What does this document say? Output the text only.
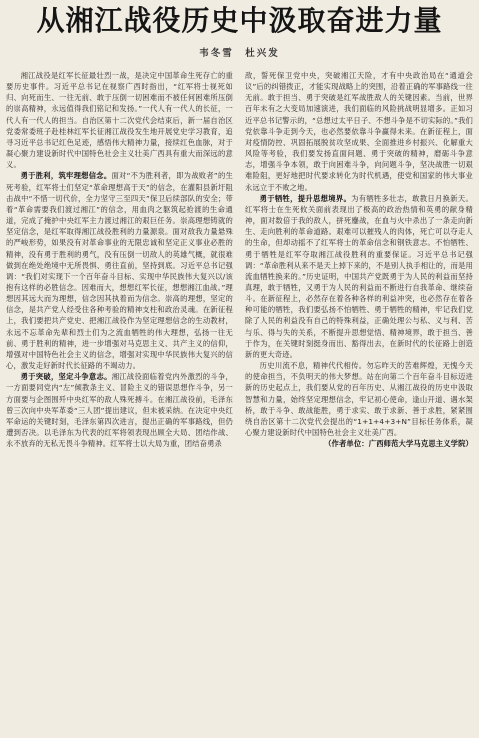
从湘江战役历史中汲取奋进力量
韦冬雪　杜兴发

湘江战役是红军长征最壮烈一战，是决定中国革命生死存亡的重要历史事件。习近平总书记在视察广西时指出，“红军将士视死如归、向死而生、一往无前、敢于压倒一切困难而不被任何困难所压倒的崇高精神，永远值得我们铭记和发扬。”一代人有一代人的长征，一代人有一代人的担当。自治区第十二次党代会结束后，新一届自治区党委常委班子赴桂林红军长征湘江战役发生地开展党史学习教育，追寻习近平总书记红色足迹，感悟伟大精神力量，接续红色血脉，对于凝心聚力建设新时代中国特色社会主义壮美广西具有重大而深远的意义。

勇于胜利，筑牢理想信念。面对“不为胜利者，即为战败者”的生死考验，红军将士们坚定“革命理想高于天”的信念，在灌阳县新圩阻击战中“不惜一切代价，全力坚守三至四天”保卫后续部队的安全；带着“革命需要我们渡过湘江”的信念，用血肉之躯筑起抢渡的生命通道，完成了掩护中央红军主力渡过湘江的艰巨任务。崇高理想铸就的坚定信念，是红军取得湘江战役胜利的力量源泉。面对敌我力量悬殊的严峻形势，如果没有对革命事业的无限忠诚和坚定正义事业必胜的精神，没有勇于胜利的勇气，没有压倒一切敌人的英雄气概，就很难做到在绝处绝境中无所畏惧、勇往直前，坚持到底。习近平总书记强调：“我们对实现下一个百年奋斗目标、实现中华民族伟大复兴以/该抱有这样的必胜信念。因难而大，想想红军长征，想想湘江血战。”理想因其远大而为理想，信念因其执着而为信念。崇高的理想，坚定的信念，是共产党人经受住各种考验的精神支柱和政治灵魂。在新征程上，我们要把共产党史、把湘江战役作为坚定理想信念的生动教材，永远不忘革命先辈和烈士们为之流血牺牲的伟大理想，弘扬一往无前、勇于胜利的精神，进一步增强对马克思主义、共产主义的信仰，增强对中国特色社会主义的信念，增强对实现中华民族伟大复兴的信心，激发走好新时代长征路的不竭动力。

勇于突破，坚定斗争意志。湘江战役面临着党内外激烈的斗争，一方面要同党内“左”倾教条主义、冒险主义的错误思想作斗争，另一方面要与企图围歼中央红军的敌人殊死搏斗。在湘江战役前，毛泽东曾三次向中央军革委“三人团”提出建议，但未被采纳。在决定中央红军命运的关键时刻，毛泽东第四次进言，提出正确的军事路线，但仍遭到否决。以毛泽东为代表的红军将领表现出顾全大局、团结作战、永不放弃的无私无畏斗争精神。红军将士以大局为重，团结奋勇杀

敌，誓死保卫党中央，突破湘江天险，才有中央政治局在“通道会议”后的纠错拨正，才能实现战略上的突围，沿着正确的军事路线一往无前。敢于担当、勇于突破是红军战胜敌人的关键因素。当前，世界百年未有之大变局加速演进，我们面临的风险挑战明显增多。正如习近平总书记警示的，“总想过太平日子、不想斗争是不切实际的。”我们党依靠斗争走到今天，也必然要依靠斗争赢得未来。在新征程上，面对疫情防控、巩固拓展脱贫攻坚成果、全面推进乡村振兴、化解重大风险等考验，我们要发扬直面问题、勇于突破的精神，磨砺斗争意志，增强斗争本领，敢于向困难斗争，向问题斗争，坚决战胜一切艰难险阻，更好地把时代要求转化为时代机遇，使党和国家的伟大事业永远立于不败之地。

勇于牺牲，提升思想境界。为有牺牲多壮志，敢教日月换新天。红军将士在生死攸关面前表现出了极高的政治热情和英勇的献身精神，面对数倍于我的敌人，拼死鏖战，在血与火中杀出了一条走向新生、走向胜利的革命道路。艰难可以摧残人的肉体，死亡可以夺走人的生命，但却动摇不了红军将士的革命信念和钢铁意志。不怕牺牲、勇于牺牲是红军夺取湘江战役胜利的重要保证。习近平总书记强调：“革命胜利从来不是天上掉下来的，不是别人执手相让的，而是用流血牺牲换来的。”历史证明，中国共产党既勇于为人民的利益而坚持真理，敢于牺牲，又勇于为人民的利益而不断进行自我革命、继续奋斗。在新征程上，必然存在着各种各样的利益冲突，也必然存在着各种可能的牺牲，我们要弘扬不怕牺牲、勇于牺牲的精神，牢记我们党除了人民的利益没有自己的特殊利益，正确处理公与私、义与利、苦与乐、得与失的关系，不断提升思想觉悟、精神境界，敢于担当、善于作为，在关键时刻挺身而出、豁得出去，在新时代的长征路上创造新的更大奇迹。

历史川流不息，精神代代相传。勿忘昨天的苦难辉煌，无愧今天的使命担当，不负明天的伟大梦想。站在向第二个百年奋斗目标迈进新的历史起点上，我们要从党的百年历史、从湘江战役的历史中汲取智慧和力量，始终坚定理想信念，牢记初心使命，逢山开道、遇水架桥，敢于斗争、敢战能胜，勇于求实、敢于求新、善于求胜，紧紧围绕自治区第十二次党代会提出的“1+1+4+3+N”目标任务体系，凝心聚力建设新时代中国特色社会主义壮美广西。

（作者单位：广西师范大学马克思主义学院）
